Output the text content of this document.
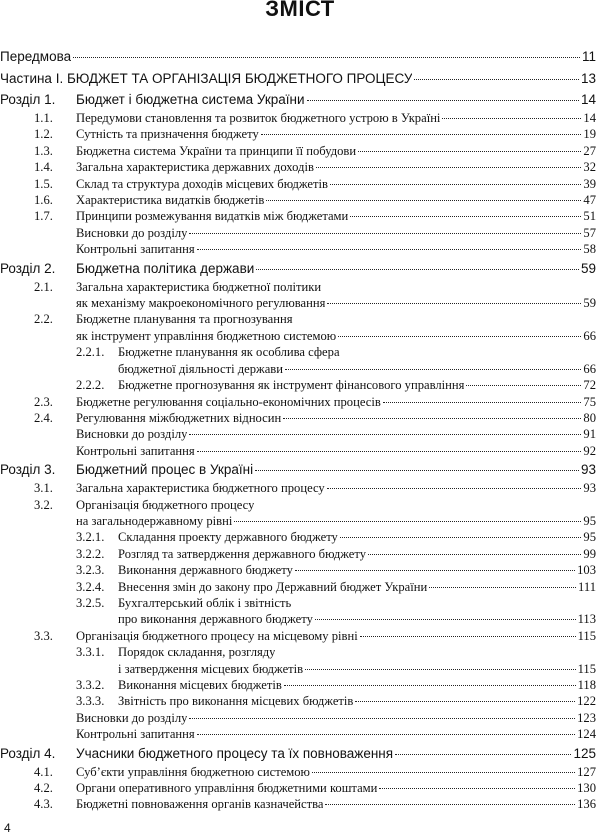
ЗМІСТ
Передмова	11
Частина І. БЮДЖЕТ ТА ОРГАНІЗАЦІЯ БЮДЖЕТНОГО ПРОЦЕСУ	13
Розділ 1.	Бюджет і бюджетна система України	14
1.1.	Передумови становлення та розвиток бюджетного устрою в Україні	14
1.2.	Сутність та призначення бюджету	19
1.3.	Бюджетна система України та принципи її побудови	27
1.4.	Загальна характеристика державних доходів	32
1.5.	Склад та структура доходів місцевих бюджетів	39
1.6.	Характеристика видатків бюджетів	47
1.7.	Принципи розмежування видатків між бюджетами	51
Висновки до розділу	57
Контрольні запитання	58
Розділ 2.	Бюджетна політика держави	59
2.1.	Загальна характеристика бюджетної політики
як механізму макроекономічного регулювання	59
2.2.	Бюджетне планування та прогнозування
як інструмент управління бюджетною системою	66
2.2.1.	Бюджетне планування як особлива сфера
бюджетної діяльності держави	66
2.2.2.	Бюджетне прогнозування як інструмент фінансового управління	72
2.3.	Бюджетне регулювання соціально-економічних процесів	75
2.4.	Регулювання міжбюджетних відносин	80
Висновки до розділу	91
Контрольні запитання	92
Розділ 3.	Бюджетний процес в Україні	93
3.1.	Загальна характеристика бюджетного процесу	93
3.2.	Організація бюджетного процесу
на загальнодержавному рівні	95
3.2.1.	Складання проекту державного бюджету	95
3.2.2.	Розгляд та затвердження державного бюджету	99
3.2.3.	Виконання державного бюджету	103
3.2.4.	Внесення змін до закону про Державний бюджет України	111
3.2.5.	Бухгалтерський облік і звітність
про виконання державного бюджету	113
3.3.	Організація бюджетного процесу на місцевому рівні	115
3.3.1.	Порядок складання, розгляду
і затвердження місцевих бюджетів	115
3.3.2.	Виконання місцевих бюджетів	118
3.3.3.	Звітність про виконання місцевих бюджетів	122
Висновки до розділу	123
Контрольні запитання	124
Розділ 4.	Учасники бюджетного процесу та їх повноваження	125
4.1.	Суб’єкти управління бюджетною системою	127
4.2.	Органи оперативного управління бюджетними коштами	130
4.3.	Бюджетні повноваження органів казначейства	136
4
